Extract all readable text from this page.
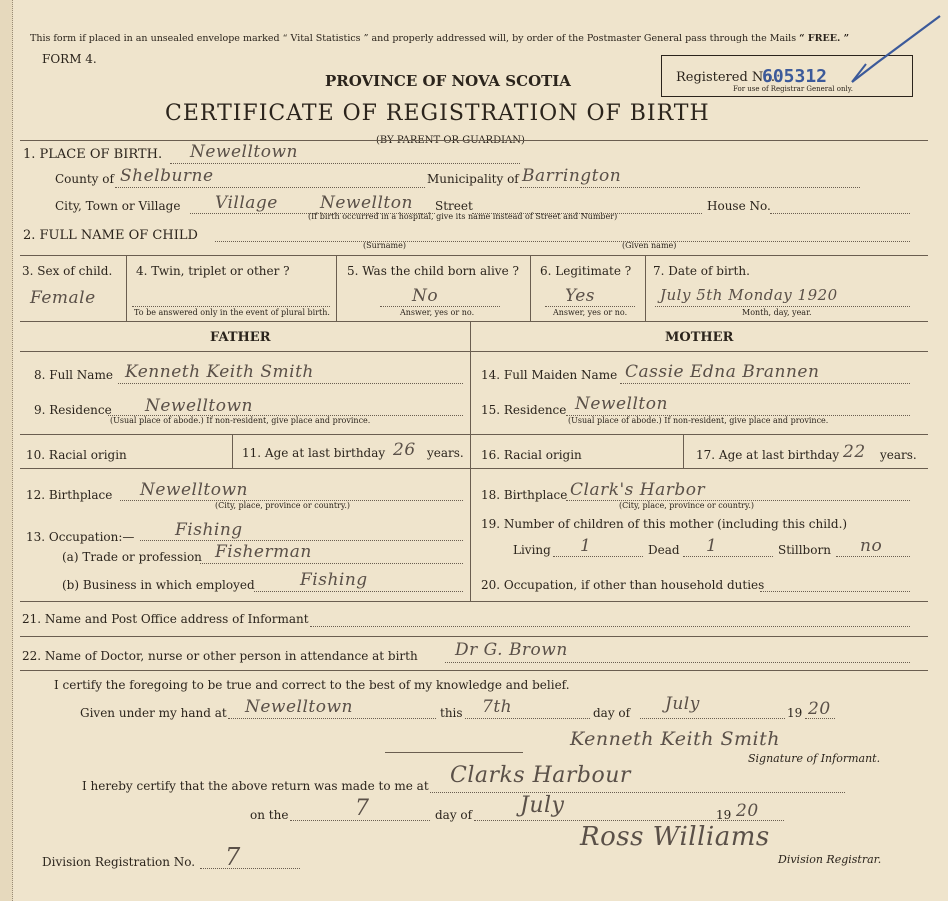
This form if placed in an unsealed envelope marked “ Vital Statistics ” and properly addressed will, by order of the Postmaster General pass through the Mails “ FREE. ”
FORM 4.
PROVINCE OF NOVA SCOTIA
CERTIFICATE OF REGISTRATION OF BIRTH
(BY PARENT OR GUARDIAN)
Registered No.
605312
For use of Registrar General only.
1. PLACE OF BIRTH. Newelltown
County of Shelburne	Municipality of Barrington
City, Town or Village Village Newellton Street	House No.
(If birth occurred in a hospital, give its name instead of Street and Number)
2. FULL NAME OF CHILD
(Surname)	(Given name)
3. Sex of child.
Female
4. Twin, triplet or other ?
To be answered only in the event of plural birth.
5. Was the child born alive ?
No
Answer, yes or no.
6. Legitimate ?
Yes
Answer, yes or no.
7. Date of birth.
July 5th Monday 1920
Month, day, year.
FATHER	MOTHER
8. Full Name Kenneth Keith Smith	14. Full Maiden Name Cassie Edna Brannen
9. Residence Newelltown
(Usual place of abode.) If non-resident, give place and province.
15. Residence Newellton
(Usual place of abode.) If non-resident, give place and province.
10. Racial origin	11. Age at last birthday 26 years. 16. Racial origin	17. Age at last birthday 22 years.
12. Birthplace Newelltown
(City, place, province or country.)
18. Birthplace Clark's Harbor
(City, place, province or country.)
13. Occupation:— Fishing	19. Number of children of this mother (including this child.)
(a) Trade or profession Fisherman	Living 1	Dead 1	Stillborn no
(b) Business in which employed	Fishing	20. Occupation, if other than household duties
21. Name and Post Office address of Informant
22. Name of Doctor, nurse or other person in attendance at birth Dr G. Brown
I certify the foregoing to be true and correct to the best of my knowledge and belief.
Given under my hand at Newelltown	this 7th	day of July	19 20
Kenneth Keith Smith
Signature of Informant.
I hereby certify that the above return was made to me at Clarks Harbour
on the	7	day of July	19 20
Ross Williams
Division Registration No. 7	Division Registrar.
